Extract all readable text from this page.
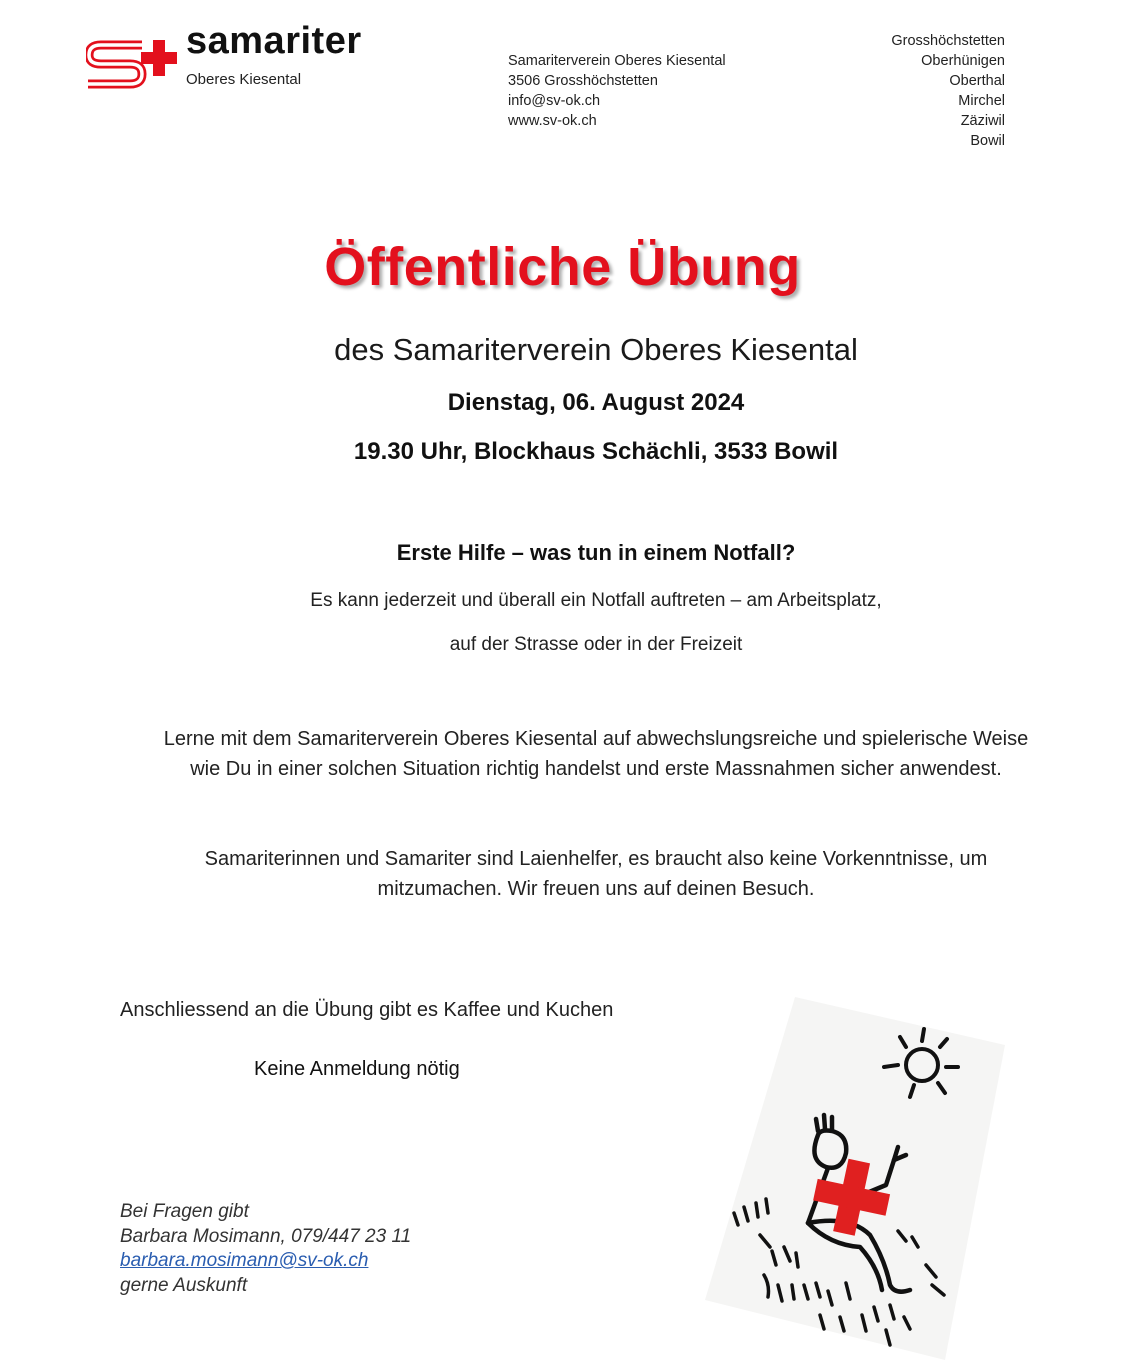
samariter
Oberes Kiesental
Samariterverein Oberes Kiesental
3506 Grosshöchstetten
info@sv-ok.ch
www.sv-ok.ch
Grosshöchstetten
Oberhünigen
Oberthal
Mirchel
Zäziwil
Bowil
Öffentliche Übung
des Samariterverein Oberes Kiesental
Dienstag, 06. August 2024
19.30 Uhr, Blockhaus Schächli, 3533 Bowil
Erste Hilfe – was tun in einem Notfall?
Es kann jederzeit und überall ein Notfall auftreten – am Arbeitsplatz,
auf der Strasse oder in der Freizeit
Lerne mit dem Samariterverein Oberes Kiesental auf abwechslungsreiche und spielerische Weise
wie Du in einer solchen Situation richtig handelst und erste Massnahmen sicher anwendest.
Samariterinnen und Samariter sind Laienhelfer, es braucht also keine Vorkenntnisse, um
mitzumachen. Wir freuen uns auf deinen Besuch.
Anschliessend an die Übung gibt es Kaffee und Kuchen
Keine Anmeldung nötig
Bei Fragen gibt
Barbara Mosimann, 079/447 23 11
barbara.mosimann@sv-ok.ch
gerne Auskunft
